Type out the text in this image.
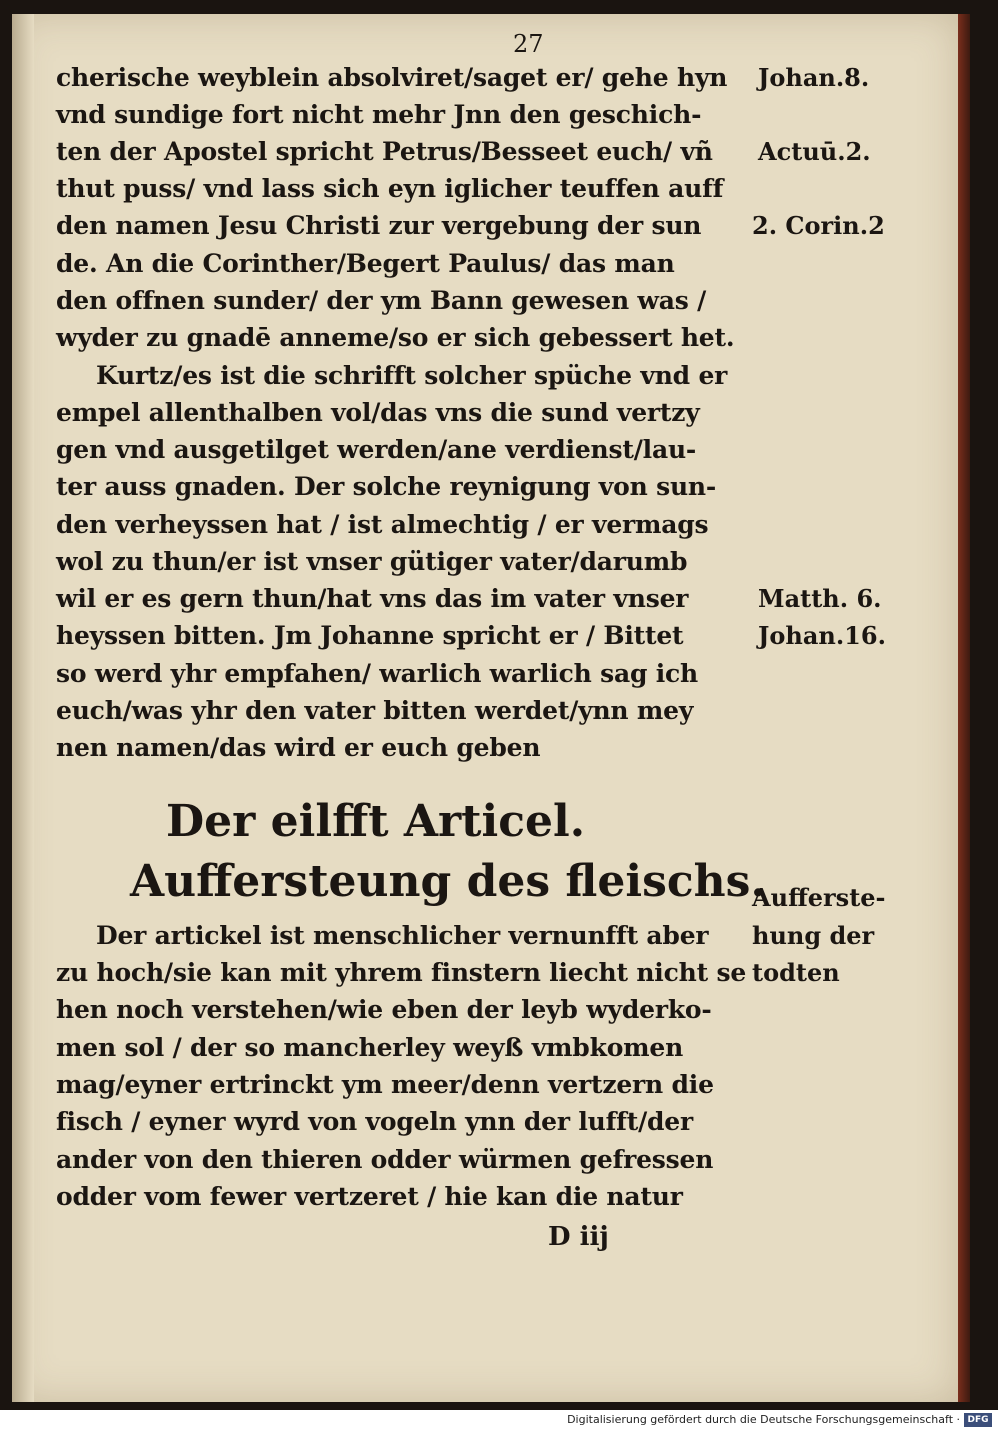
27

cherische weyblein absolviret/saget er/ gehe hyn

vnd sundige fort nicht mehr Jnn den geschich-

ten der Apostel spricht Petrus/Besseet euch/ vñ

thut puss/ vnd lass sich eyn iglicher teuffen auff

den namen Jesu Christi zur vergebung der sun

de. An die Corinther/Begert Paulus/ das man

den offnen sunder/ der ym Bann gewesen was /

wyder zu gnadē anneme/so er sich gebessert het.

Kurtz/es ist die schrifft solcher spüche vnd er

empel allenthalben vol/das vns die sund vertzy

gen vnd ausgetilget werden/ane verdienst/lau-

ter auss gnaden. Der solche reynigung von sun-

den verheyssen hat / ist almechtig / er vermags

wol zu thun/er ist vnser gütiger vater/darumb

wil er es gern thun/hat vns das im vater vnser

heyssen bitten. Jm Johanne spricht er / Bittet

so werd yhr empfahen/ warlich warlich sag ich

euch/was yhr den vater bitten werdet/ynn mey

nen namen/das wird er euch geben

Der eilfft Articel.

Auffersteung des fleischs.

Der artickel ist menschlicher vernunfft aber

zu hoch/sie kan mit yhrem finstern liecht nicht se

hen noch verstehen/wie eben der leyb wyderko-

men sol / der so mancherley weyß vmbkomen

mag/eyner ertrinckt ym meer/denn vertzern die

fisch / eyner wyrd von vogeln ynn der lufft/der

ander von den thieren odder würmen gefressen

odder vom fewer vertzeret / hie kan die natur

D iij

Johan.8.

Actuū.2.

2. Corin.2

Matth. 6.

Johan.16.

Aufferste-

hung der

todten

Digitalisierung gefördert durch die Deutsche Forschungsgemeinschaft · DFG
